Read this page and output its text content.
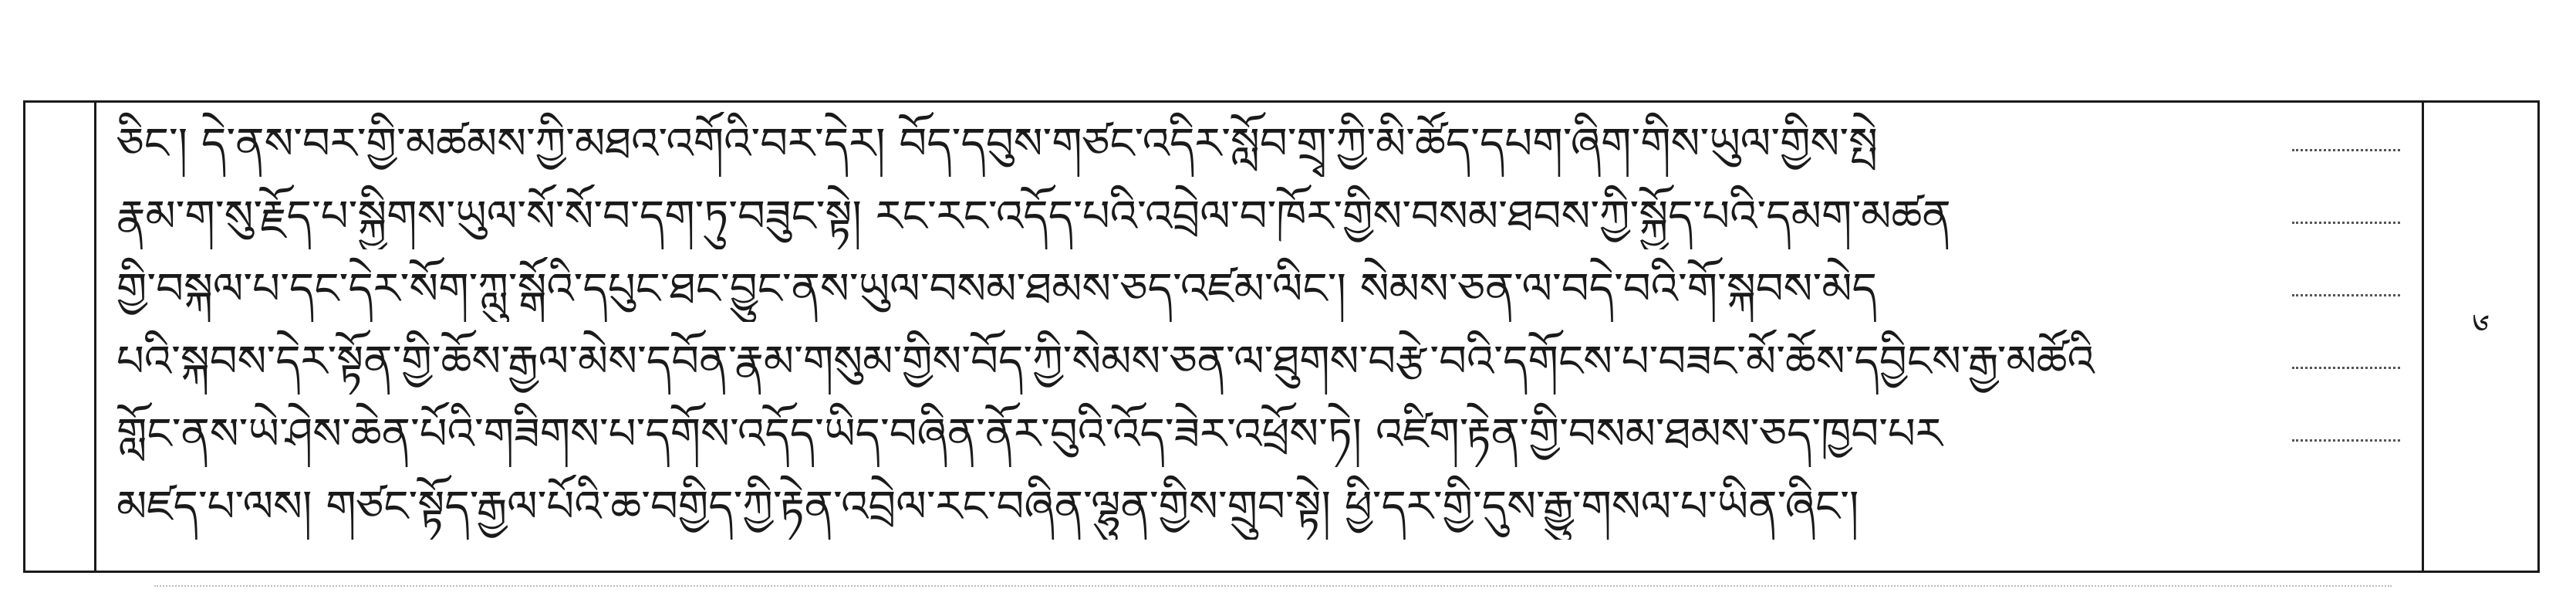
ཅིང་། དེ་ནས་བར་གྱི་མཚམས་ཀྱི་མཐའ་འགོའི་བར་དེར། བོད་དབུས་གཙང་འདིར་སློབ་གྲྭ་ཀྱི་མི་ཚོད་དཔག་ཞིག་གིས་ཡུལ་གྱིས་སྤེ
རྣམ་ག་སུ་རྗོད་པ་སྐྱིགས་ཡུལ་སོ་སོ་བ་དག་ཏུ་བཟུང་སྟེ། རང་རང་འདོད་པའི་འབྲེལ་བ་ཁོར་གྱིས་བསམ་ཐབས་ཀྱི་སྐྱོད་པའི་དམག་མཚན
གྱི་བསྐལ་པ་དང་དེར་སོག་ཀླུ་སྒོའི་དཔུང་ཐང་བྱུང་ནས་ཡུལ་བསམ་ཐམས་ཅད་འཛམ་ལིང་། སེམས་ཅན་ལ་བདེ་བའི་གོ་སྐབས་མེད
པའི་སྐབས་དེར་སྟོན་གྱི་ཆོས་རྒྱལ་མེས་དབོན་རྣམ་གསུམ་གྱིས་བོད་ཀྱི་སེམས་ཅན་ལ་ཐུགས་བརྩེ་བའི་དགོངས་པ་བཟང་མོ་ཆོས་དབྱིངས་རྒྱ་མཚོའི
གློང་ནས་ཡེ་ཤེས་ཆེན་པོའི་གཟིགས་པ་དགོས་འདོད་ཡིད་བཞིན་ནོར་བུའི་འོད་ཟེར་འཕྲོས་ཏེ། འཛིག་རྟེན་གྱི་བསམ་ཐམས་ཅད་ཁྱབ་པར
མཛད་པ་ལས། གཙང་སྟོད་རྒྱལ་པོའི་ཆ་བགྱིད་ཀྱི་རྟེན་འབྲེལ་རང་བཞིན་ལྷུན་གྱིས་གྲུབ་སྟེ། ཕྱི་དར་གྱི་དུས་རྒྱུ་གསལ་པ་ཡིན་ཞིང་།
༦
